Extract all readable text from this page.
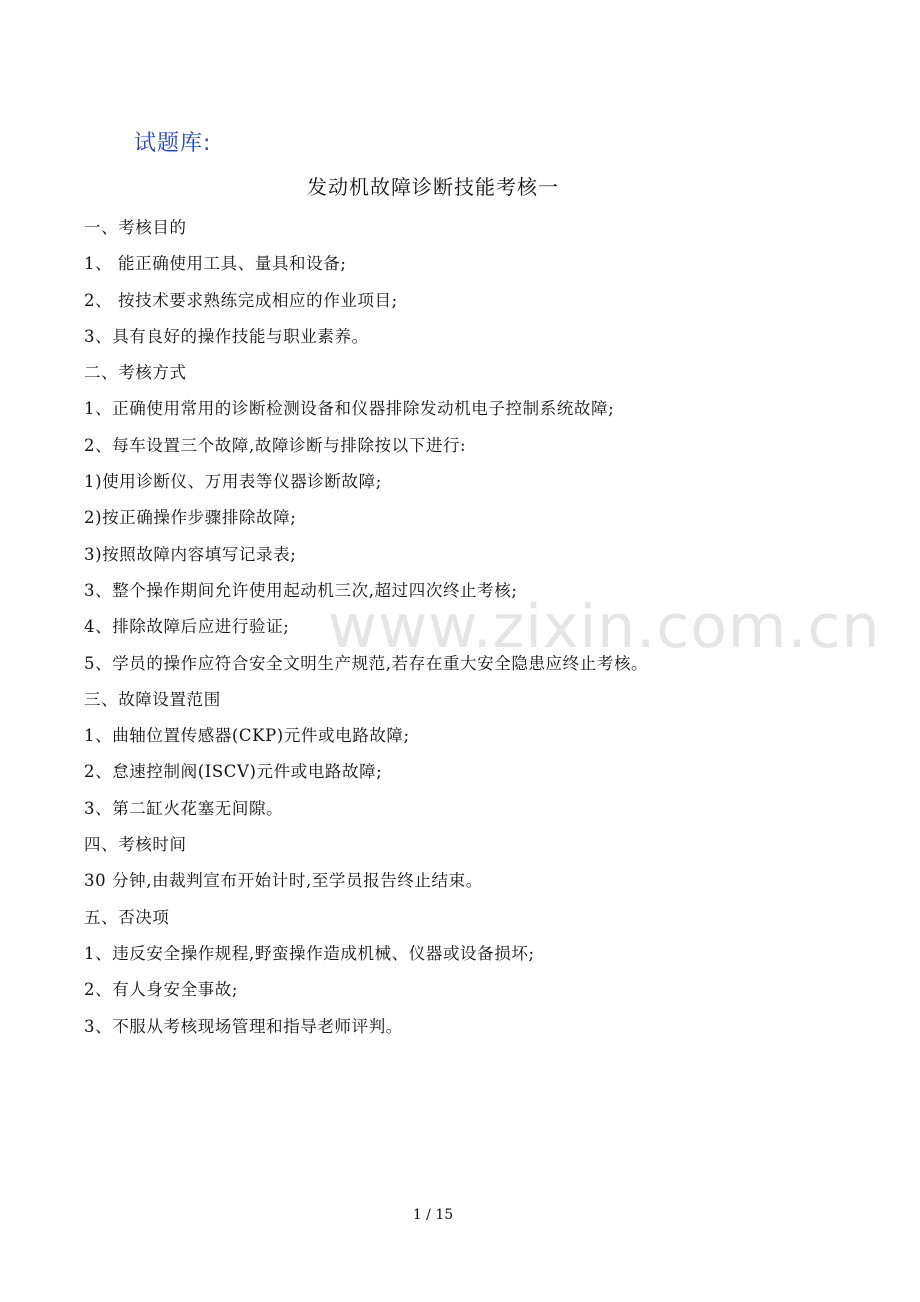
试题库:
发动机故障诊断技能考核一
一、考核目的
1、 能正确使用工具、量具和设备;
2、 按技术要求熟练完成相应的作业项目;
3、具有良好的操作技能与职业素养。
二、考核方式
1、正确使用常用的诊断检测设备和仪器排除发动机电子控制系统故障;
2、每车设置三个故障,故障诊断与排除按以下进行:
1)使用诊断仪、万用表等仪器诊断故障;
2)按正确操作步骤排除故障;
3)按照故障内容填写记录表;
3、整个操作期间允许使用起动机三次,超过四次终止考核;
4、排除故障后应进行验证;
5、学员的操作应符合安全文明生产规范,若存在重大安全隐患应终止考核。
三、故障设置范围
1、曲轴位置传感器(CKP)元件或电路故障;
2、怠速控制阀(ISCV)元件或电路故障;
3、第二缸火花塞无间隙。
四、考核时间
30 分钟,由裁判宣布开始计时,至学员报告终止结束。
五、否决项
1、违反安全操作规程,野蛮操作造成机械、仪器或设备损坏;
2、有人身安全事故;
3、不服从考核现场管理和指导老师评判。
www.zixin.com.cn
1 / 15
